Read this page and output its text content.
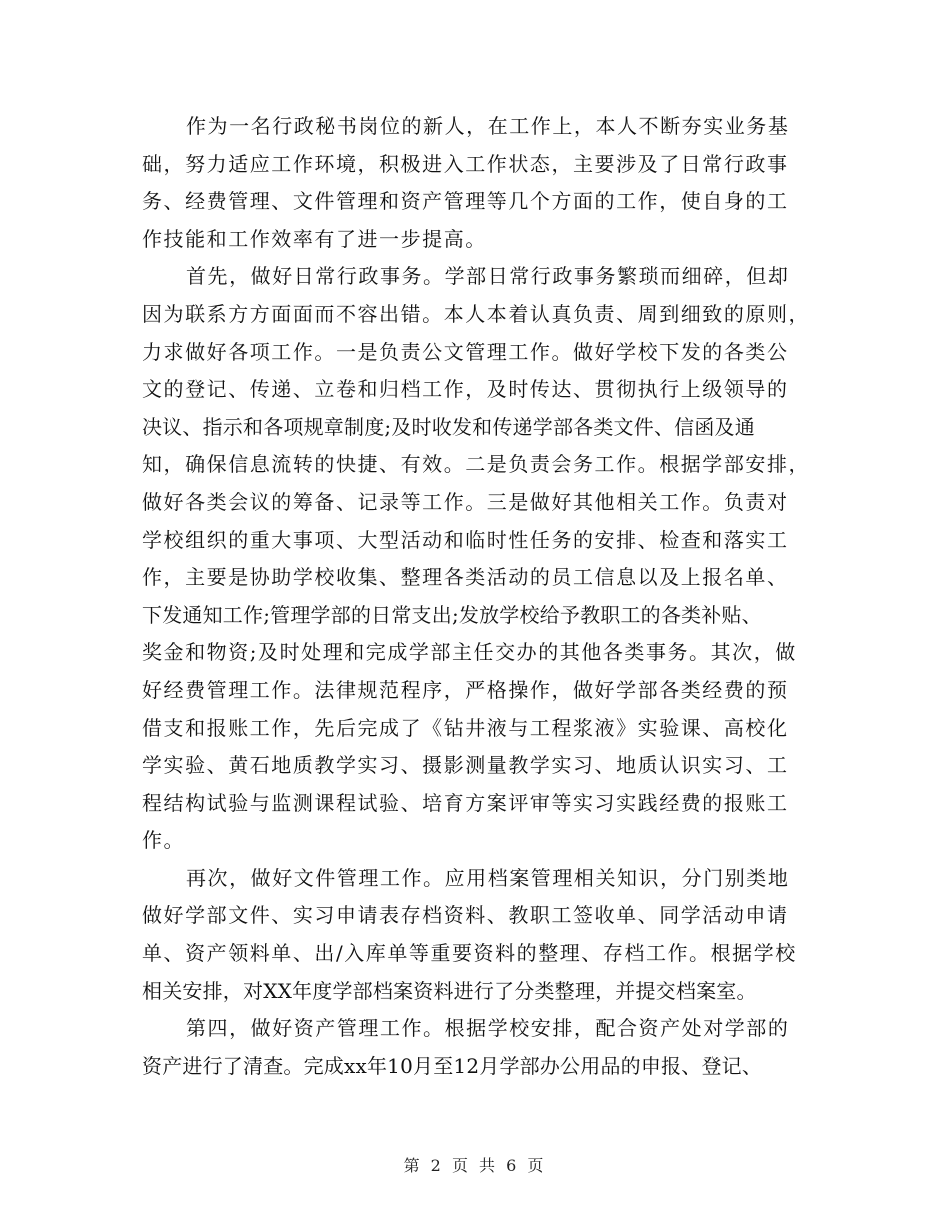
作为一名行政秘书岗位的新人，在工作上，本人不断夯实业务基
础，努力适应工作环境，积极进入工作状态，主要涉及了日常行政事
务、经费管理、文件管理和资产管理等几个方面的工作，使自身的工
作技能和工作效率有了进一步提高。
首先，做好日常行政事务。学部日常行政事务繁琐而细碎，但却
因为联系方方面面而不容出错。本人本着认真负责、周到细致的原则，
力求做好各项工作。一是负责公文管理工作。做好学校下发的各类公
文的登记、传递、立卷和归档工作，及时传达、贯彻执行上级领导的
决议、指示和各项规章制度;及时收发和传递学部各类文件、信函及通
知，确保信息流转的快捷、有效。二是负责会务工作。根据学部安排，
做好各类会议的筹备、记录等工作。三是做好其他相关工作。负责对
学校组织的重大事项、大型活动和临时性任务的安排、检查和落实工
作，主要是协助学校收集、整理各类活动的员工信息以及上报名单、
下发通知工作;管理学部的日常支出;发放学校给予教职工的各类补贴、
奖金和物资;及时处理和完成学部主任交办的其他各类事务。其次，做
好经费管理工作。法律规范程序，严格操作，做好学部各类经费的预
借支和报账工作，先后完成了《钻井液与工程浆液》实验课、高校化
学实验、黄石地质教学实习、摄影测量教学实习、地质认识实习、工
程结构试验与监测课程试验、培育方案评审等实习实践经费的报账工
作。
再次，做好文件管理工作。应用档案管理相关知识，分门别类地
做好学部文件、实习申请表存档资料、教职工签收单、同学活动申请
单、资产领料单、出/入库单等重要资料的整理、存档工作。根据学校
相关安排，对XX年度学部档案资料进行了分类整理，并提交档案室。
第四，做好资产管理工作。根据学校安排，配合资产处对学部的
资产进行了清查。完成xx年10月至12月学部办公用品的申报、登记、
第 2 页 共 6 页
